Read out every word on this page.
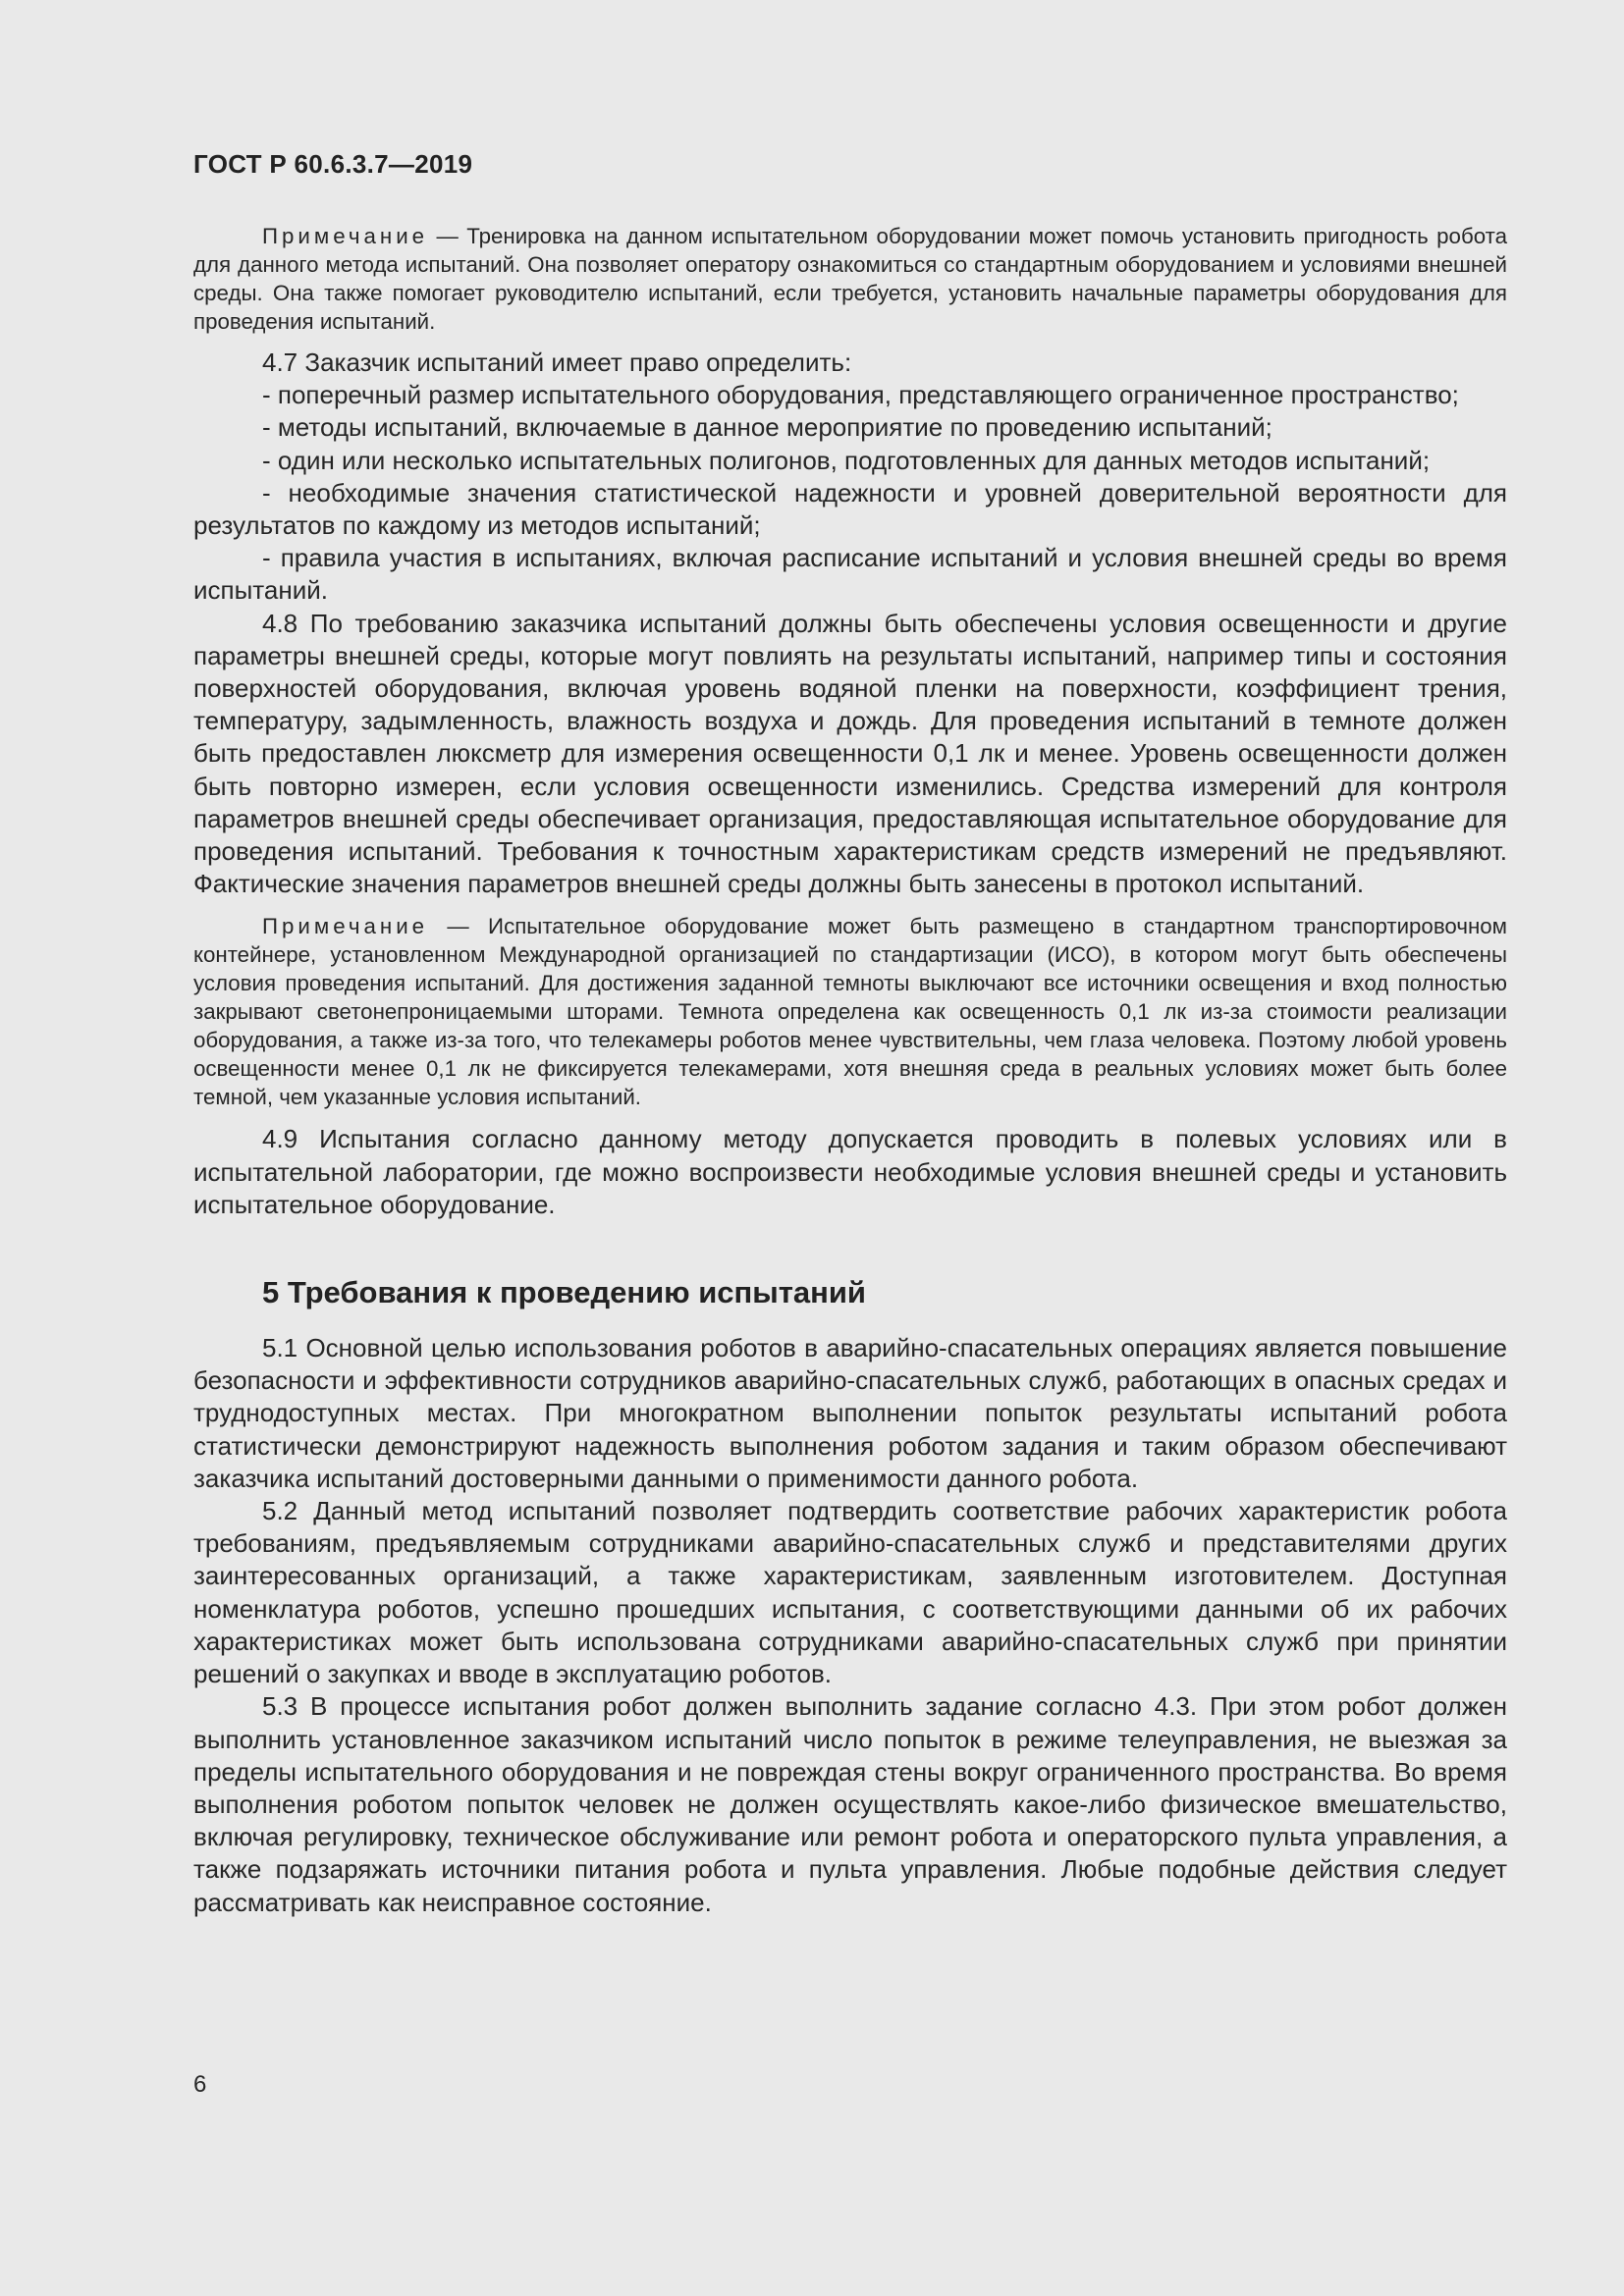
ГОСТ Р 60.6.3.7—2019

Примечание — Тренировка на данном испытательном оборудовании может помочь установить пригодность робота для данного метода испытаний. Она позволяет оператору ознакомиться со стандартным оборудованием и условиями внешней среды. Она также помогает руководителю испытаний, если требуется, установить начальные параметры оборудования для проведения испытаний.

4.7 Заказчик испытаний имеет право определить:

- поперечный размер испытательного оборудования, представляющего ограниченное пространство;

- методы испытаний, включаемые в данное мероприятие по проведению испытаний;

- один или несколько испытательных полигонов, подготовленных для данных методов испытаний;

- необходимые значения статистической надежности и уровней доверительной вероятности для результатов по каждому из методов испытаний;

- правила участия в испытаниях, включая расписание испытаний и условия внешней среды во время испытаний.

4.8 По требованию заказчика испытаний должны быть обеспечены условия освещенности и другие параметры внешней среды, которые могут повлиять на результаты испытаний, например типы и состояния поверхностей оборудования, включая уровень водяной пленки на поверхности, коэффициент трения, температуру, задымленность, влажность воздуха и дождь. Для проведения испытаний в темноте должен быть предоставлен люксметр для измерения освещенности 0,1 лк и менее. Уровень освещенности должен быть повторно измерен, если условия освещенности изменились. Средства измерений для контроля параметров внешней среды обеспечивает организация, предоставляющая испытательное оборудование для проведения испытаний. Требования к точностным характеристикам средств измерений не предъявляют. Фактические значения параметров внешней среды должны быть занесены в протокол испытаний.

Примечание — Испытательное оборудование может быть размещено в стандартном транспортировочном контейнере, установленном Международной организацией по стандартизации (ИСО), в котором могут быть обеспечены условия проведения испытаний. Для достижения заданной темноты выключают все источники освещения и вход полностью закрывают светонепроницаемыми шторами. Темнота определена как освещенность 0,1 лк из-за стоимости реализации оборудования, а также из-за того, что телекамеры роботов менее чувствительны, чем глаза человека. Поэтому любой уровень освещенности менее 0,1 лк не фиксируется телекамерами, хотя внешняя среда в реальных условиях может быть более темной, чем указанные условия испытаний.

4.9 Испытания согласно данному методу допускается проводить в полевых условиях или в испытательной лаборатории, где можно воспроизвести необходимые условия внешней среды и установить испытательное оборудование.

5 Требования к проведению испытаний

5.1 Основной целью использования роботов в аварийно-спасательных операциях является повышение безопасности и эффективности сотрудников аварийно-спасательных служб, работающих в опасных средах и труднодоступных местах. При многократном выполнении попыток результаты испытаний робота статистически демонстрируют надежность выполнения роботом задания и таким образом обеспечивают заказчика испытаний достоверными данными о применимости данного робота.

5.2 Данный метод испытаний позволяет подтвердить соответствие рабочих характеристик робота требованиям, предъявляемым сотрудниками аварийно-спасательных служб и представителями других заинтересованных организаций, а также характеристикам, заявленным изготовителем. Доступная номенклатура роботов, успешно прошедших испытания, с соответствующими данными об их рабочих характеристиках может быть использована сотрудниками аварийно-спасательных служб при принятии решений о закупках и вводе в эксплуатацию роботов.

5.3 В процессе испытания робот должен выполнить задание согласно 4.3. При этом робот должен выполнить установленное заказчиком испытаний число попыток в режиме телеуправления, не выезжая за пределы испытательного оборудования и не повреждая стены вокруг ограниченного пространства. Во время выполнения роботом попыток человек не должен осуществлять какое-либо физическое вмешательство, включая регулировку, техническое обслуживание или ремонт робота и операторского пульта управления, а также подзаряжать источники питания робота и пульта управления. Любые подобные действия следует рассматривать как неисправное состояние.

6
